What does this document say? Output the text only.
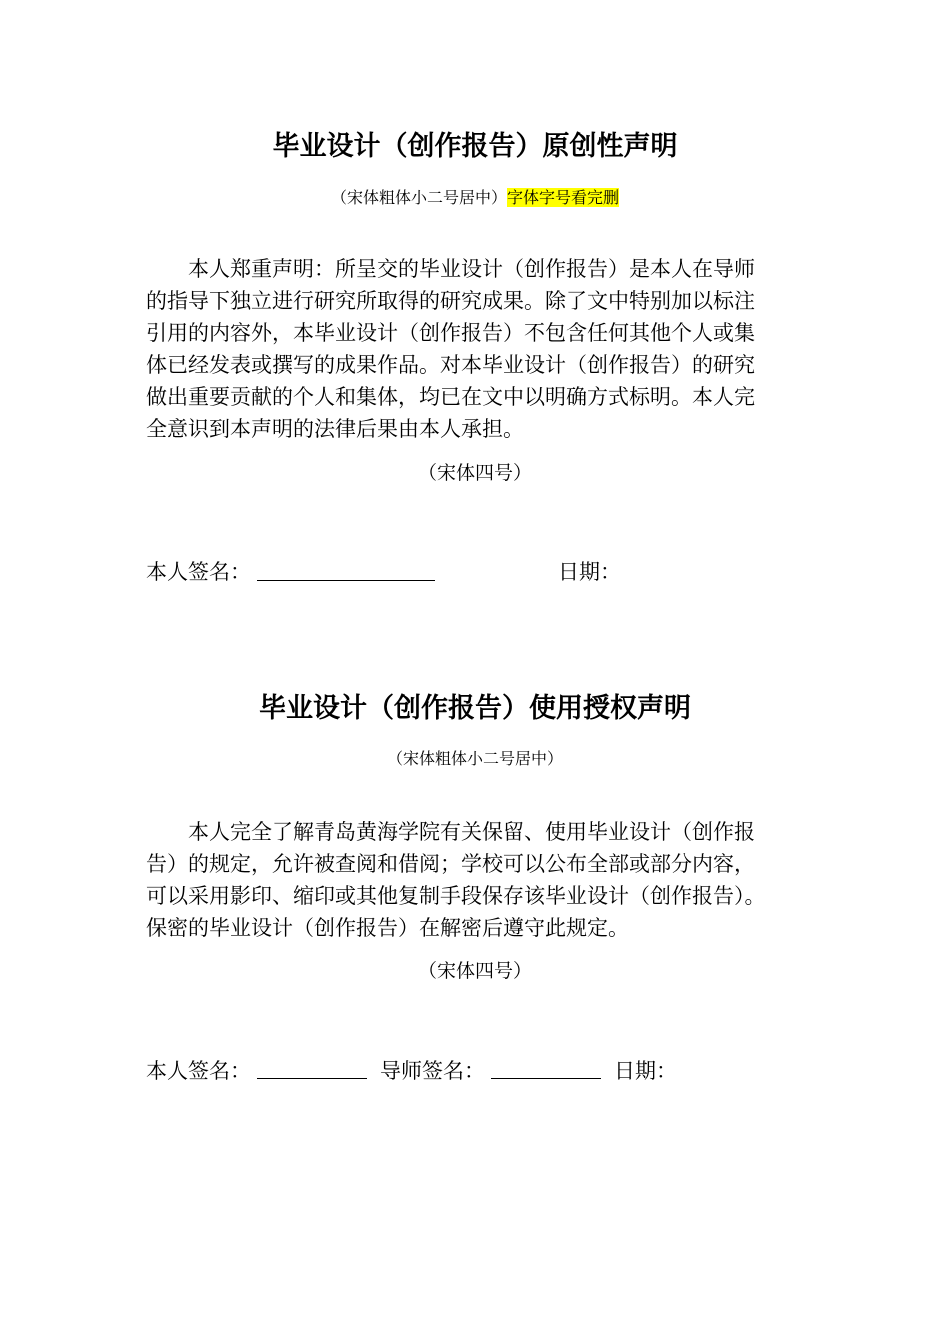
毕业设计（创作报告）原创性声明
（宋体粗体小二号居中）字体字号看完删
本人郑重声明：所呈交的毕业设计（创作报告）是本人在导师
的指导下独立进行研究所取得的研究成果。除了文中特别加以标注
引用的内容外，本毕业设计（创作报告）不包含任何其他个人或集
体已经发表或撰写的成果作品。对本毕业设计（创作报告）的研究
做出重要贡献的个人和集体，均已在文中以明确方式标明。本人完
全意识到本声明的法律后果由本人承担。
（宋体四号）
本人签名：	日期：
毕业设计（创作报告）使用授权声明
（宋体粗体小二号居中）
本人完全了解青岛黄海学院有关保留、使用毕业设计（创作报
告）的规定，允许被查阅和借阅；学校可以公布全部或部分内容，
可以采用影印、缩印或其他复制手段保存该毕业设计（创作报告）。
保密的毕业设计（创作报告）在解密后遵守此规定。
（宋体四号）
本人签名：	导师签名：	日期：
